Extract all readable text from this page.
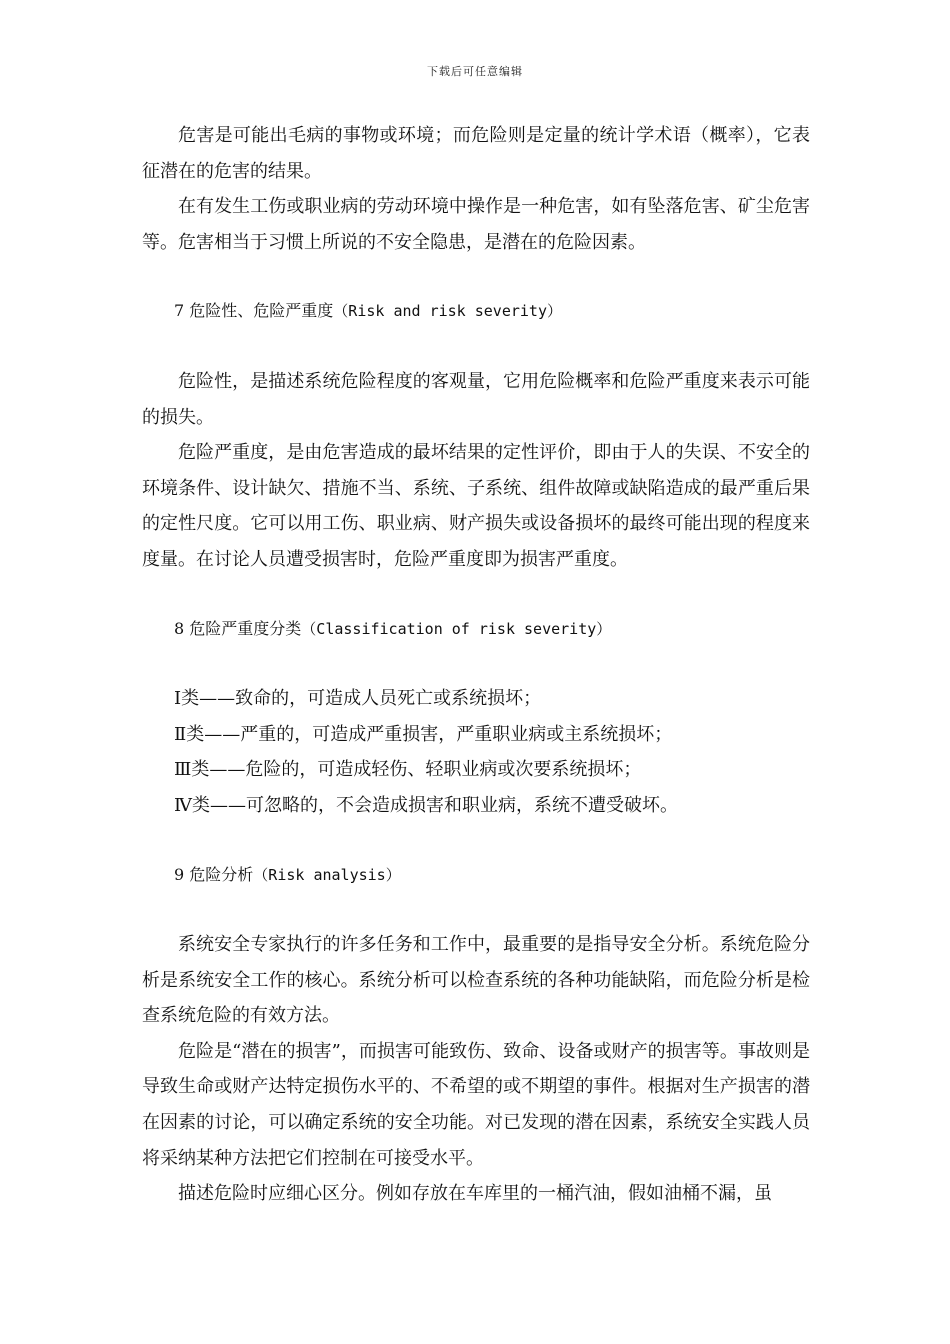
下载后可任意编辑

危害是可能出毛病的事物或环境；而危险则是定量的统计学术语（概率），它表征潜在的危害的结果。

在有发生工伤或职业病的劳动环境中操作是一种危害，如有坠落危害、矿尘危害等。危害相当于习惯上所说的不安全隐患，是潜在的危险因素。

7 危险性、危险严重度（Risk and risk severity）

危险性，是描述系统危险程度的客观量，它用危险概率和危险严重度来表示可能的损失。

危险严重度，是由危害造成的最坏结果的定性评价，即由于人的失误、不安全的环境条件、设计缺欠、措施不当、系统、子系统、组件故障或缺陷造成的最严重后果的定性尺度。它可以用工伤、职业病、财产损失或设备损坏的最终可能出现的程度来度量。在讨论人员遭受损害时，危险严重度即为损害严重度。

8 危险严重度分类（Classification of risk severity）

Ⅰ类——致命的，可造成人员死亡或系统损坏；

Ⅱ类——严重的，可造成严重损害，严重职业病或主系统损坏；

Ⅲ类——危险的，可造成轻伤、轻职业病或次要系统损坏；

Ⅳ类——可忽略的，不会造成损害和职业病，系统不遭受破坏。

9 危险分析（Risk analysis）

系统安全专家执行的许多任务和工作中，最重要的是指导安全分析。系统危险分析是系统安全工作的核心。系统分析可以检查系统的各种功能缺陷，而危险分析是检查系统危险的有效方法。

危险是“潜在的损害”，而损害可能致伤、致命、设备或财产的损害等。事故则是导致生命或财产达特定损伤水平的、不希望的或不期望的事件。根据对生产损害的潜在因素的讨论，可以确定系统的安全功能。对已发现的潜在因素，系统安全实践人员将采纳某种方法把它们控制在可接受水平。

描述危险时应细心区分。例如存放在车库里的一桶汽油，假如油桶不漏，虽
